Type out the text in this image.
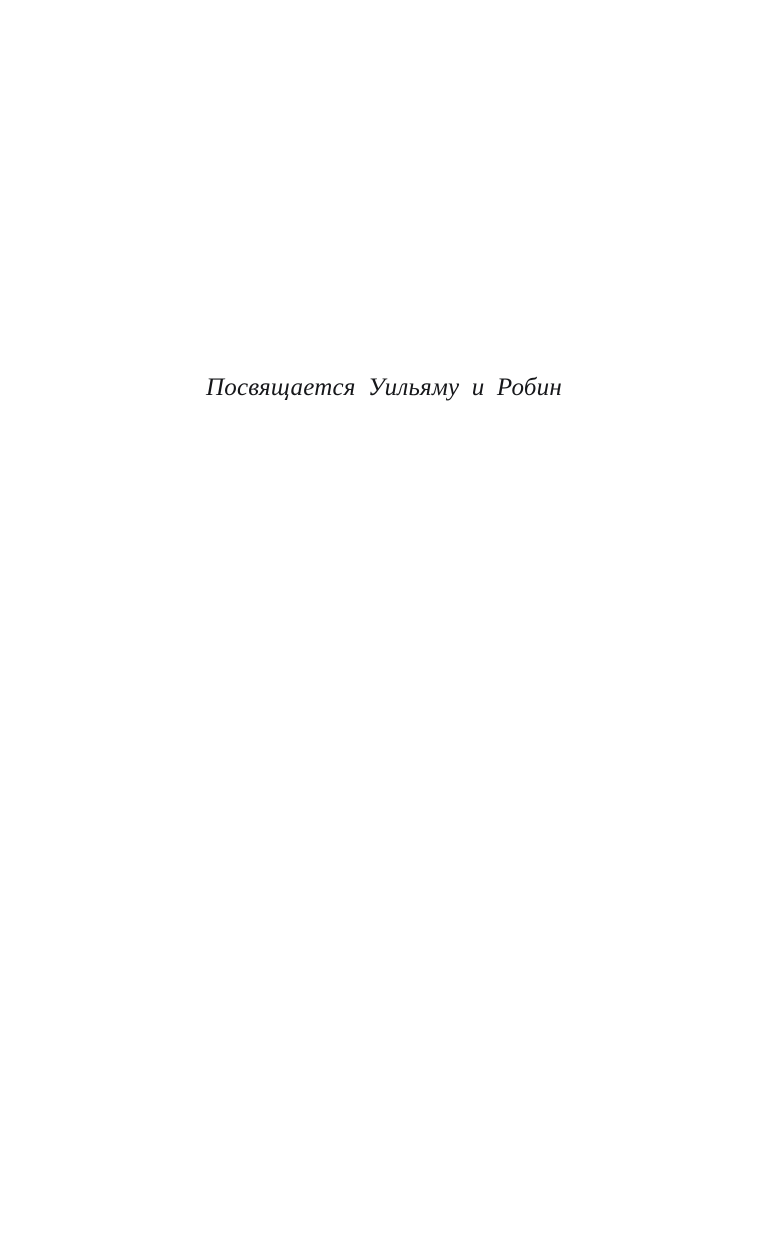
Посвящается Уильяму и Робин
